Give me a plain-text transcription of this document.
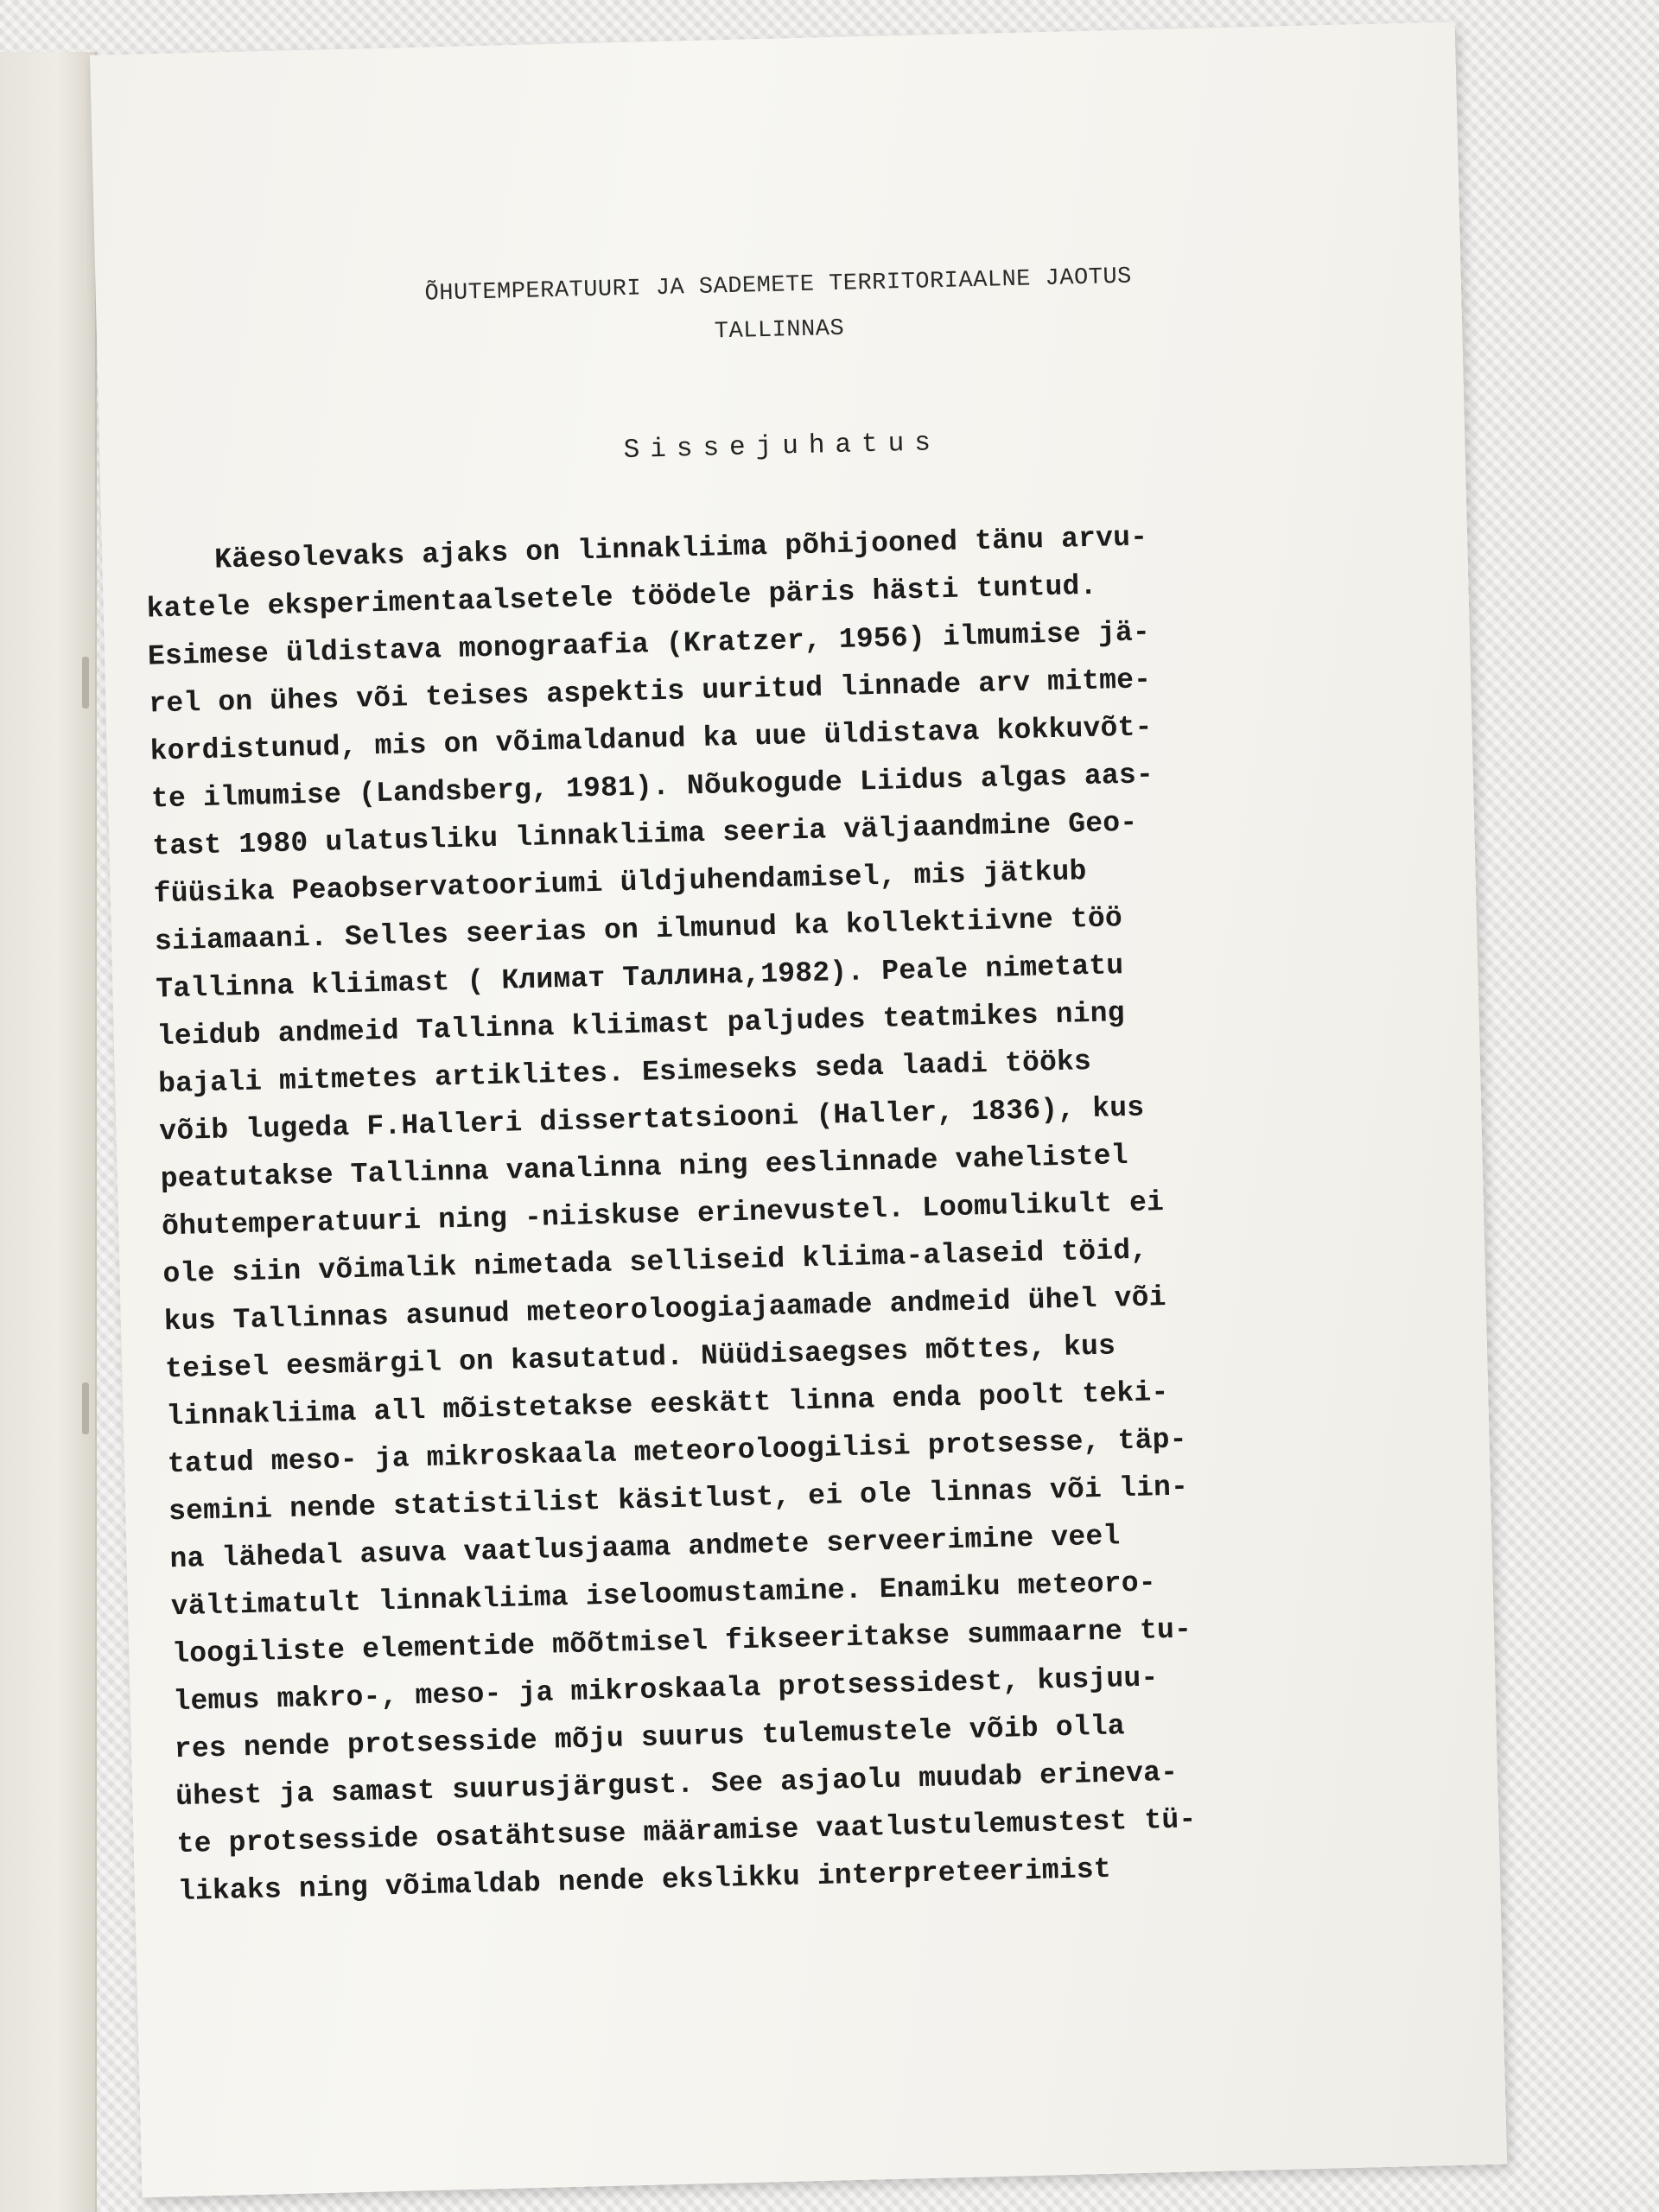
ÕHUTEMPERATUURI JA SADEMETE TERRITORIAALNE JAOTUS
TALLINNAS
Sissejuhatus
Käesolevaks ajaks on linnakliima põhijooned tänu arvu-
katele eksperimentaalsetele töödele päris hästi tuntud.
Esimese üldistava monograafia (Kratzer, 1956) ilmumise jä-
rel on ühes või teises aspektis uuritud linnade arv mitme-
kordistunud, mis on võimaldanud ka uue üldistava kokkuvõt-
te ilmumise (Landsberg, 1981). Nõukogude Liidus algas aas-
tast 1980 ulatusliku linnakliima seeria väljaandmine Geo-
füüsika Peaobservatooriumi üldjuhendamisel, mis jätkub
siiamaani. Selles seerias on ilmunud ka kollektiivne töö
Tallinna kliimast ( Климат Таллина,1982). Peale nimetatu
leidub andmeid Tallinna kliimast paljudes teatmikes ning
bajali mitmetes artiklites. Esimeseks seda laadi tööks
võib lugeda F.Halleri dissertatsiooni (Haller, 1836), kus
peatutakse Tallinna vanalinna ning eeslinnade vahelistel
õhutemperatuuri ning -niiskuse erinevustel. Loomulikult ei
ole siin võimalik nimetada selliseid kliima-alaseid töid,
kus Tallinnas asunud meteoroloogiajaamade andmeid ühel või
teisel eesmärgil on kasutatud. Nüüdisaegses mõttes, kus
linnakliima all mõistetakse eeskätt linna enda poolt teki-
tatud meso- ja mikroskaala meteoroloogilisi protsesse, täp-
semini nende statistilist käsitlust, ei ole linnas või lin-
na lähedal asuva vaatlusjaama andmete serveerimine veel
vältimatult linnakliima iseloomustamine. Enamiku meteoro-
loogiliste elementide mõõtmisel fikseeritakse summaarne tu-
lemus makro-, meso- ja mikroskaala protsessidest, kusjuu-
res nende protsesside mõju suurus tulemustele võib olla
ühest ja samast suurusjärgust. See asjaolu muudab erineva-
te protsesside osatähtsuse määramise vaatlustulemustest tü-
likaks ning võimaldab nende ekslikku interpreteerimist
